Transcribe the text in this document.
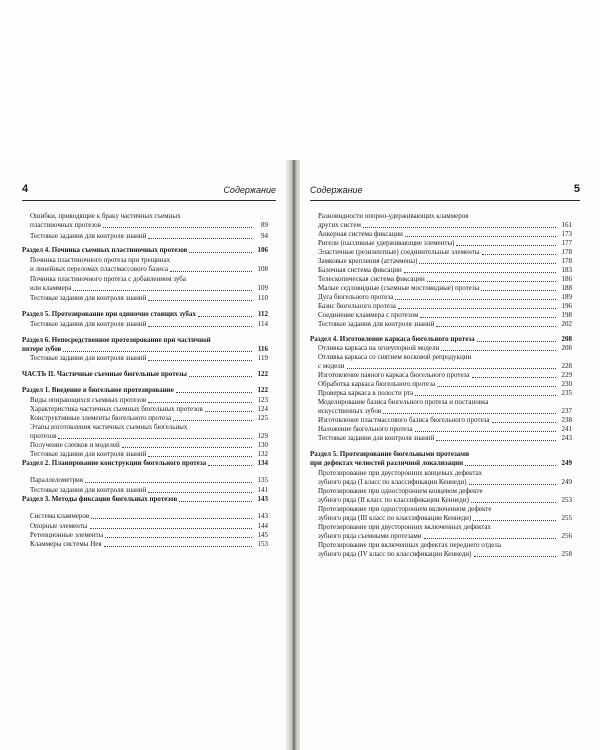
4	Содержание
Ошибки, приводящие к браку частичных съемных
пластиночных протезов	89
Тестовые задания для контроля знаний	94
Раздел 4. Починка съемных пластиночных протезов	106
Починка пластиночного протеза при трещинах
и линейных переломах пластмассового базиса	108
Починка пластиночного протеза с добавлением зуба
или кламмера	109
Тестовые задания для контроля знаний	110
Раздел 5. Протезирование при одиночно стоящих зубах	112
Тестовые задания для контроля знаний	114
Раздел 6. Непосредственное протезирование при частичной
потере зубов	116
Тестовые задания для контроля знаний	119
ЧАСТЬ II. Частичные съемные бюгельные протезы	122
Раздел 1. Введение в бюгельное протезирование	122
Виды опирающихся съемных протезов	123
Характеристика частичных съемных бюгельных протезов	124
Конструктивные элементы бюгельного протеза	125
Этапы изготовления частичных съемных бюгельных
протезов	129
Получение слепков и моделей	130
Тестовые задания для контроля знаний	132
Раздел 2. Планирование конструкции бюгельного протеза	134
Параллелометрия	135
Тестовые задания для контроля знаний	141
Раздел 3. Методы фиксации бюгельных протезов	143
Система кламмеров	143
Опорные элементы	144
Ретенционные элементы	145
Кламмеры системы Нея	153
Содержание	5
Разновидности опорно-удерживающих кламмеров
других систем	161
Анкерная система фиксации	173
Ригели (пассивные удерживающие элементы)	177
Эластичные (резилентные) соединительные элементы	178
Замковые крепления (аттачмены)	178
Балочная система фиксации	183
Телескопическая система фиксации	186
Малые седловидные (съемные мостовидные) протезы	188
Дуга бюгельного протеза	189
Базис бюгельного протеза	196
Соединение кламмера с протезом	198
Тестовые задания для контроля знаний	202
Раздел 4. Изготовление каркаса бюгельного протеза	208
Отливка каркаса на огнеупорной модели	208
Отливка каркаса со снятием восковой репродукции
с модели	228
Изготовление паяного каркаса бюгельного протеза	229
Обработка каркаса бюгельного протеза	230
Проверка каркаса в полости рта	235
Моделирование базиса бюгельного протеза и постановка
искусственных зубов	237
Изготовление пластмассового базиса бюгельного протеза	238
Наложение бюгельного протеза	241
Тестовые задания для контроля знаний	243
Раздел 5. Протезирование бюгельными протезами
при дефектах челюстей различной локализации	249
Протезирование при двусторонних концевых дефектах
зубного ряда (I класс по классификации Кеннеди)	249
Протезирование при одностороннем концевом дефекте
зубного ряда (II класс по классификации Кеннеди)	253
Протезирование при одностороннем включенном дефекте
зубного ряда (III класс по классификации Кеннеди)	255
Протезирование при двусторонних включенных дефектах
зубного ряда съемными протезами	256
Протезирование при включенных дефектах переднего отдела
зубного ряда (IV класс по классификации Кеннеди)	258
